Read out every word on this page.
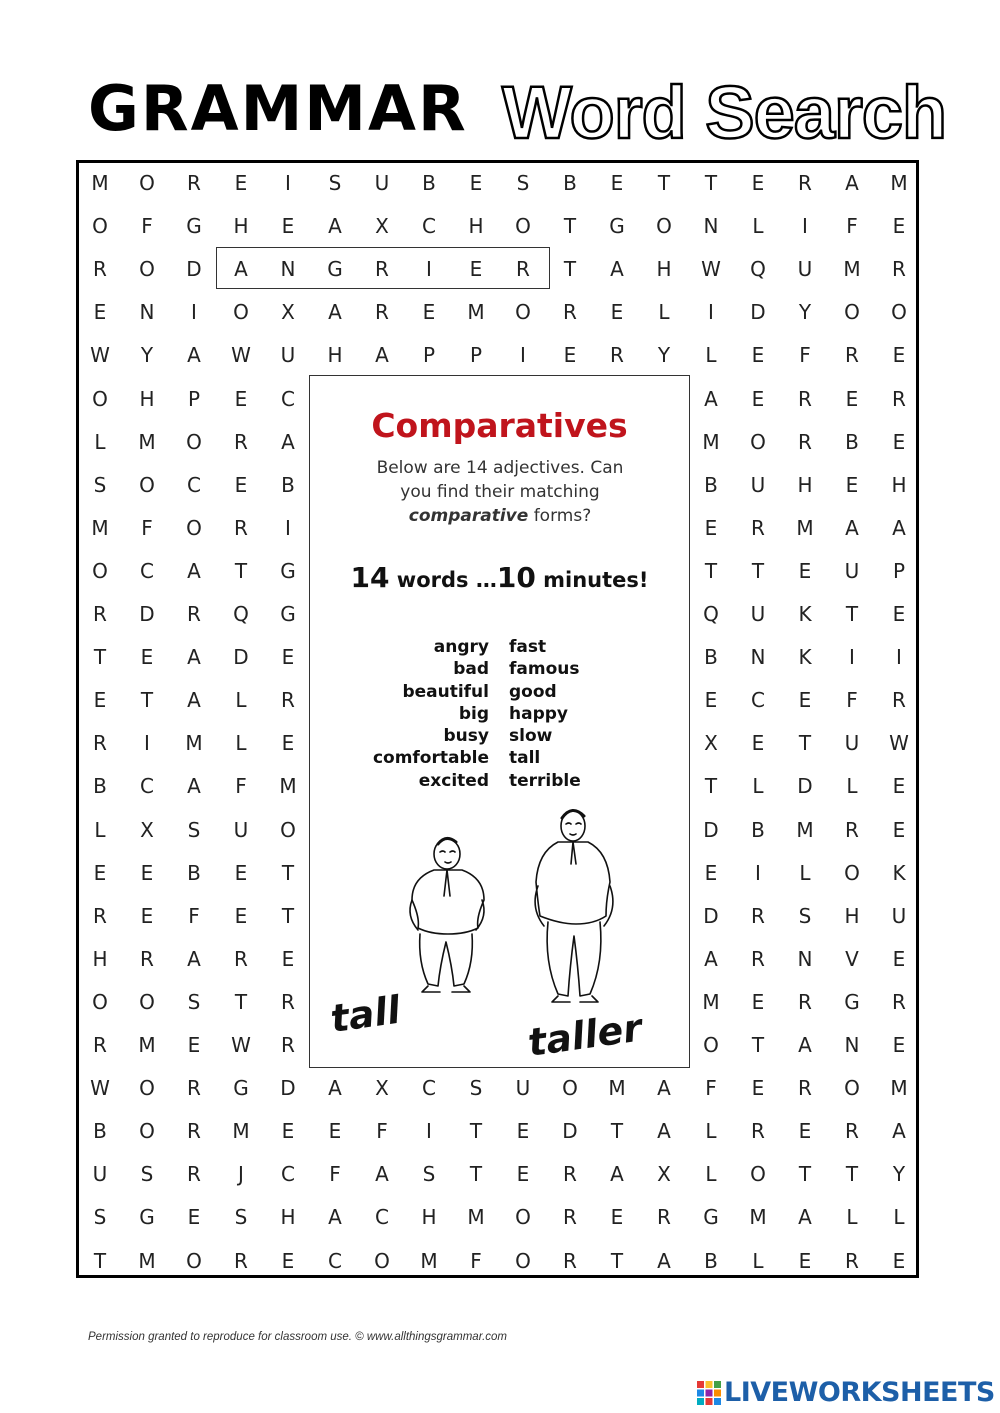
GRAMMAR Word Search
M	O	R	E	I	S	U	B	E	S	B	E	T	T	E	R	A	M
O	F	G	H	E	A	X	C	H	O	T	G	O	N	L	I	F	E
R	O	D	A	N	G	R	I	E	R	T	A	H	W	Q	U	M	R
E	N	I	O	X	A	R	E	M	O	R	E	L	I	D	Y	O	O
W	Y	A	W	U	H	A	P	P	I	E	R	Y	L	E	F	R	E
O	H	P	E	C	A	E	R	E	R
L	M	O	R	A	M	O	R	B	E
S	O	C	E	B	B	U	H	E	H
M	F	O	R	I	E	R	M	A	A
O	C	A	T	G	T	T	E	U	P
R	D	R	Q	G	Q	U	K	T	E
T	E	A	D	E	B	N	K	I	I
E	T	A	L	R	E	C	E	F	R
R	I	M	L	E	X	E	T	U	W
B	C	A	F	M	T	L	D	L	E
L	X	S	U	O	D	B	M	R	E
E	E	B	E	T	E	I	L	O	K
R	E	F	E	T	D	R	S	H	U
H	R	A	R	E	A	R	N	V	E
O	O	S	T	R	M	E	R	G	R
R	M	E	W	R	O	T	A	N	E
W	O	R	G	D	A	X	C	S	U	O	M	A	F	E	R	O	M
B	O	R	M	E	E	F	I	T	E	D	T	A	L	R	E	R	A
U	S	R	J	C	F	A	S	T	E	R	A	X	L	O	T	T	Y
S	G	E	S	H	A	C	H	M	O	R	E	R	G	M	A	L	L
T	M	O	R	E	C	O	M	F	O	R	T	A	B	L	E	R	E
Comparatives
Below are 14 adjectives. Can
you find their matching
comparative forms?
14 words …10 minutes!
angry
bad
beautiful
big
busy
comfortable
excited
fast
famous
good
happy
slow
tall
terrible
tall	taller
Permission granted to reproduce for classroom use. © www.allthingsgrammar.com
LIVEWORKSHEETS
